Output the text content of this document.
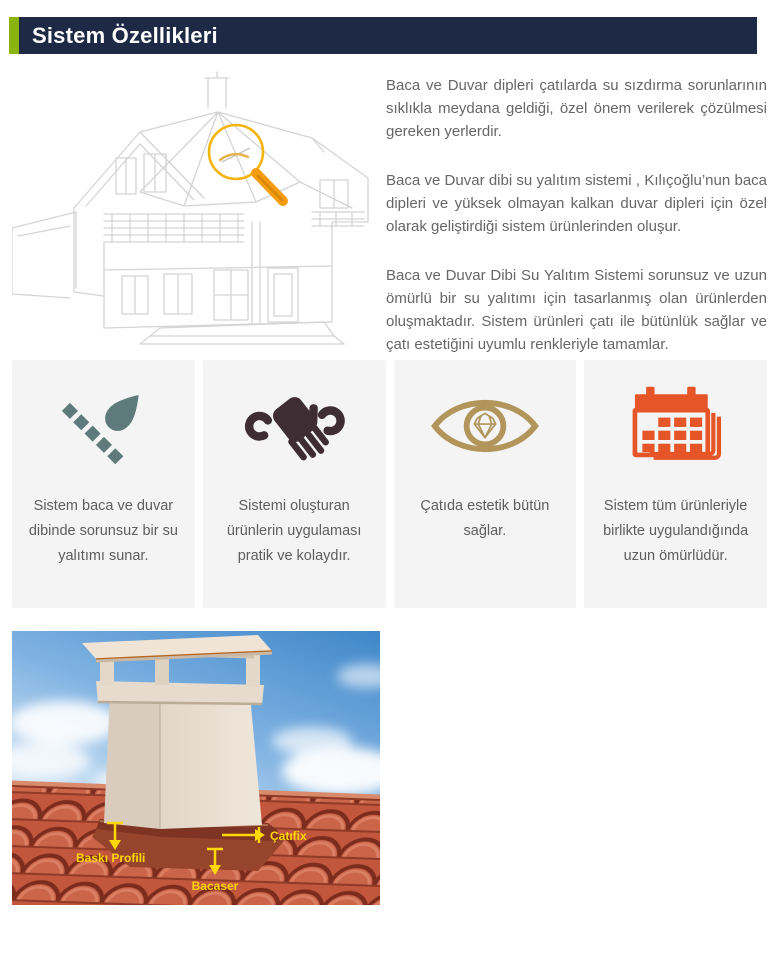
Sistem Özellikleri

Baca ve Duvar dipleri çatılarda su sızdırma sorunlarının sıklıkla meydana geldiği, özel önem verilerek çözülmesi gereken yerlerdir.

Baca ve Duvar dibi su yalıtım sistemi , Kılıçoğlu’nun baca dipleri ve yüksek olmayan kalkan duvar dipleri için özel olarak geliştirdiği sistem ürünlerinden oluşur.

Baca ve Duvar Dibi Su Yalıtım Sistemi sorunsuz ve uzun ömürlü bir su yalıtımı için tasarlanmış olan ürünlerden oluşmaktadır. Sistem ürünleri çatı ile bütünlük sağlar ve çatı estetiğini uyumlu renkleriyle tamamlar.

Sistem baca ve duvar dibinde sorunsuz bir su yalıtımı sunar.

Sistemi oluşturan ürünlerin uygulaması pratik ve kolaydır.

Çatıda estetik bütün sağlar.

Sistem tüm ürünleriyle birlikte uygulandığında uzun ömürlüdür.

Baskı Profili
Çatıfix
Bacaser
